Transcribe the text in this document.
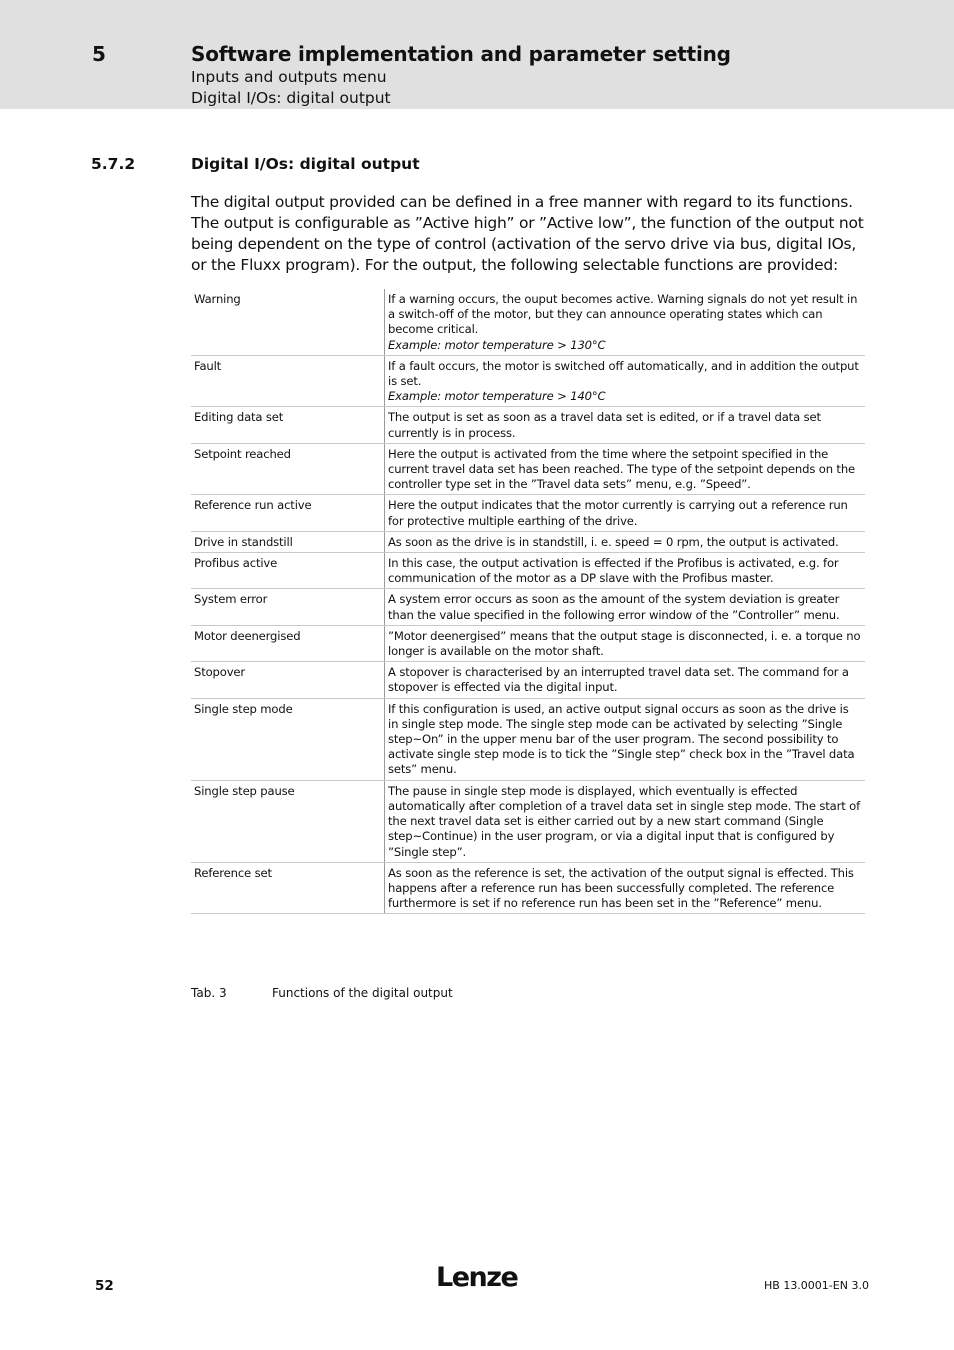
5	Software implementation and parameter setting
Inputs and outputs menu
Digital I/Os: digital output
5.7.2	Digital I/Os: digital output

The digital output provided can be defined in a free manner with regard to its functions. The output is configurable as ”Active high” or ”Active low”, the function of the output not being dependent on the type of control (activation of the servo drive via bus, digital IOs, or the Fluxx program). For the output, the following selectable functions are provided:

Warning	If a warning occurs, the ouput becomes active. Warning signals do not yet result in a switch-off of the motor, but they can announce operating states which can become critical.
Example: motor temperature > 130°C

Fault	If a fault occurs, the motor is switched off automatically, and in addition the output is set.
Example: motor temperature > 140°C

Editing data set	The output is set as soon as a travel data set is edited, or if a travel data set currently is in process.
Setpoint reached	Here the output is activated from the time where the setpoint specified in the current travel data set has been reached. The type of the setpoint depends on the controller type set in the ”Travel data sets” menu, e.g. ”Speed”.
Reference run active	Here the output indicates that the motor currently is carrying out a reference run for protective multiple earthing of the drive.
Drive in standstill	As soon as the drive is in standstill, i. e. speed = 0 rpm, the output is activated.
Profibus active	In this case, the output activation is effected if the Profibus is activated, e.g. for communication of the motor as a DP slave with the Profibus master.
System error	A system error occurs as soon as the amount of the system deviation is greater than the value specified in the following error window of the ”Controller” menu.
Motor deenergised	”Motor deenergised” means that the output stage is disconnected, i. e. a torque no longer is available on the motor shaft.
Stopover	A stopover is characterised by an interrupted travel data set. The command for a stopover is effected via the digital input.
Single step mode	If this configuration is used, an active output signal occurs as soon as the drive is in single step mode. The single step mode can be activated by selecting ”Single step~On” in the upper menu bar of the user program. The second possibility to activate single step mode is to tick the ”Single step” check box in the ”Travel data sets” menu.
Single step pause	The pause in single step mode is displayed, which eventually is effected automatically after completion of a travel data set in single step mode. The start of the next travel data set is either carried out by a new start command (Single step~Continue) in the user program, or via a digital input that is configured by ”Single step”.
Reference set	As soon as the reference is set, the activation of the output signal is effected. This happens after a reference run has been successfully completed. The reference furthermore is set if no reference run has been set in the ”Reference” menu.
Tab. 3	Functions of the digital output
52	Lenze	HB 13.0001-EN 3.0
